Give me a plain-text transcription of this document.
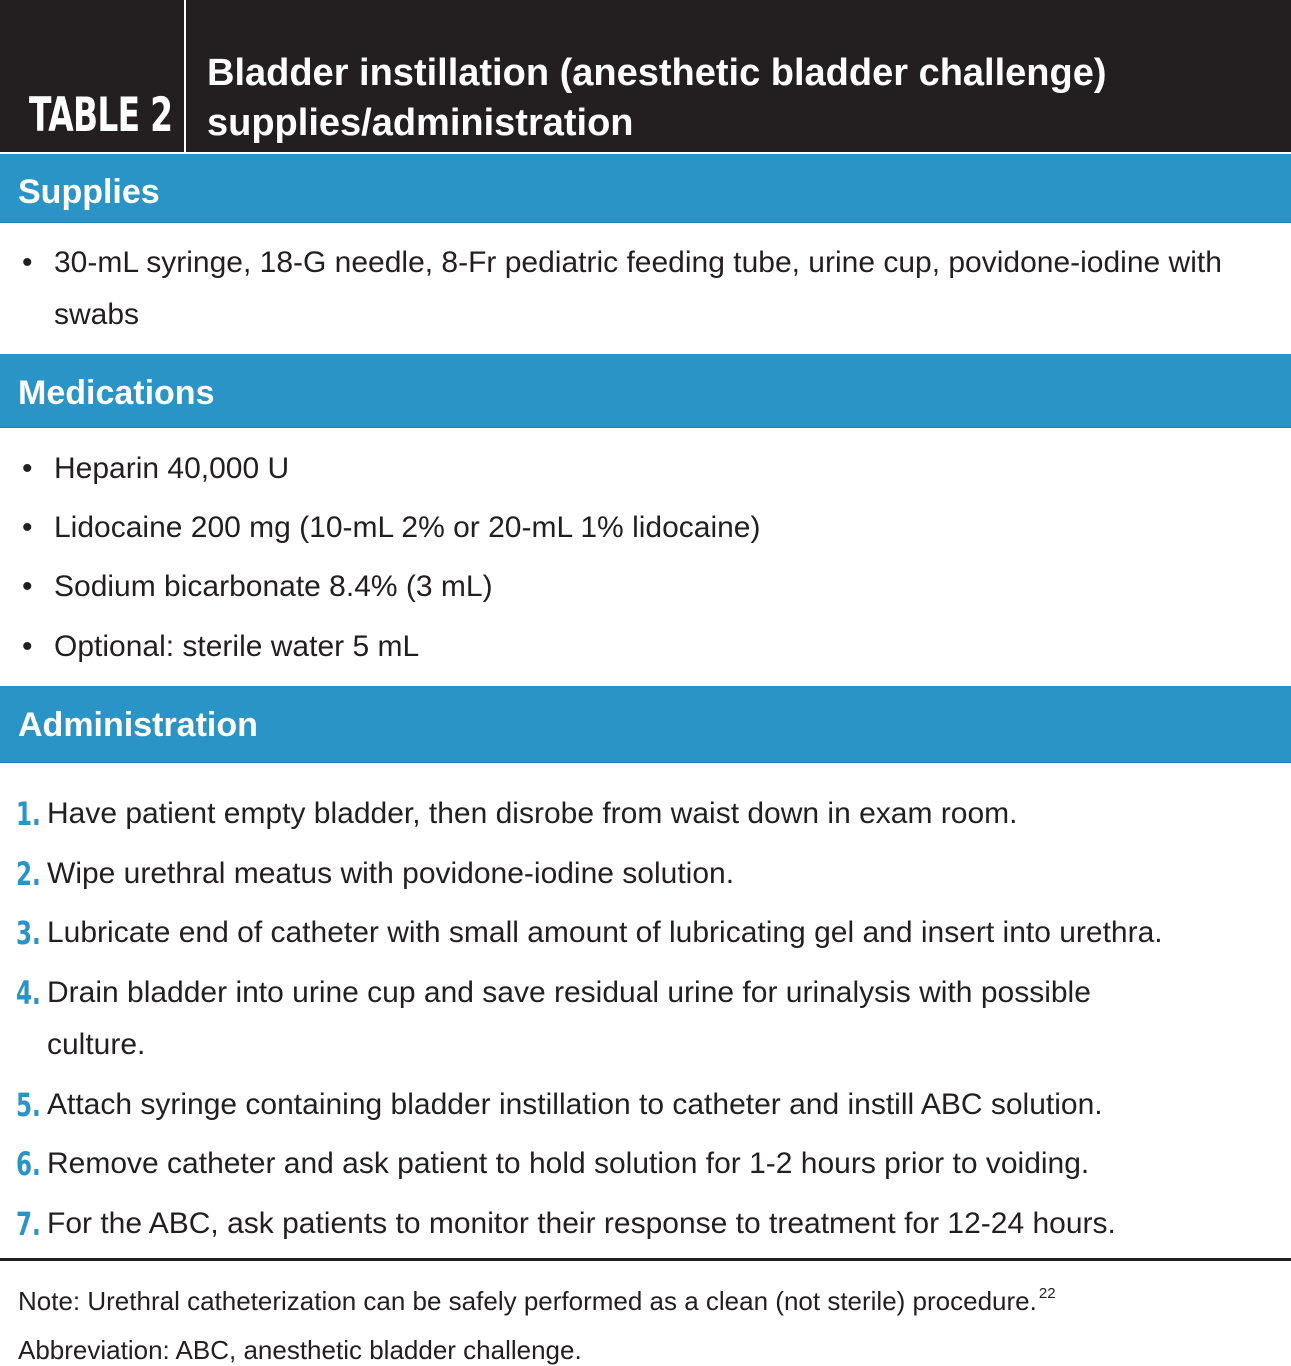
TABLE 2
Bladder instillation (anesthetic bladder challenge) supplies/administration
Supplies
• 30-mL syringe, 18-G needle, 8-Fr pediatric feeding tube, urine cup, povidone-iodine with swabs
Medications
• Heparin 40,000 U
• Lidocaine 200 mg (10-mL 2% or 20-mL 1% lidocaine)
• Sodium bicarbonate 8.4% (3 mL)
• Optional: sterile water 5 mL
Administration
1. Have patient empty bladder, then disrobe from waist down in exam room.
2. Wipe urethral meatus with povidone-iodine solution.
3. Lubricate end of catheter with small amount of lubricating gel and insert into urethra.
4. Drain bladder into urine cup and save residual urine for urinalysis with possible culture.
5. Attach syringe containing bladder instillation to catheter and instill ABC solution.
6. Remove catheter and ask patient to hold solution for 1-2 hours prior to voiding.
7. For the ABC, ask patients to monitor their response to treatment for 12-24 hours.
Note: Urethral catheterization can be safely performed as a clean (not sterile) procedure. $^{22}$
Abbreviation: ABC, anesthetic bladder challenge.
